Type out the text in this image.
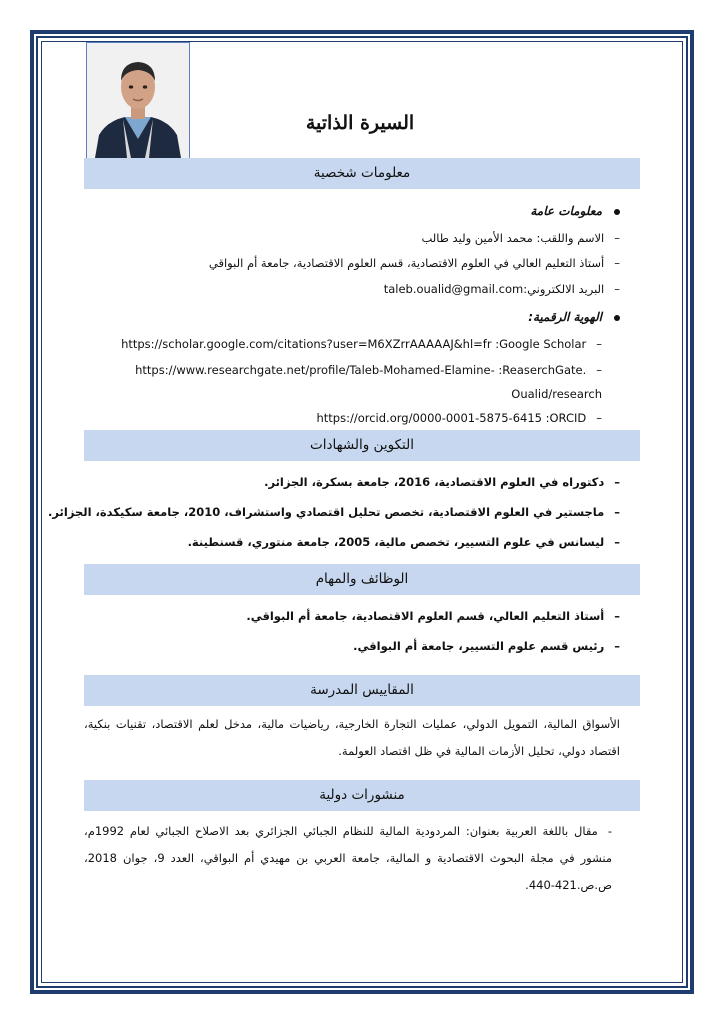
السيرة الذاتية
معلومات شخصية
معلومات عامة
–الاسم واللقب: محمد الأمين وليد طالب
–أستاذ التعليم العالي في العلوم الاقتصادية، قسم العلوم الاقتصادية، جامعة أم البواقي
–البريد الالكتروني:taleb.oualid@gmail.com
الهوية الرقمية:
–https://scholar.google.com/citations?user=M6XZrrAAAAAJ&hl=fr :Google Scholar
–https://www.researchgate.net/profile/Taleb-Mohamed-Elamine- :ReaserchGate.
Oualid/research
–https://orcid.org/0000-0001-5875-6415 :ORCID
التكوين والشهادات
–دكتوراه في العلوم الاقتصادية، 2016، جامعة بسكرة، الجزائر.
–ماجستير في العلوم الاقتصادية، تخصص تحليل اقتصادي واستشراف، 2010، جامعة سكيكدة، الجزائر.
–ليسانس في علوم التسيير، تخصص مالية، 2005، جامعة منتوري، قسنطينة.
الوظائف والمهام
–أستاذ التعليم العالي، قسم العلوم الاقتصادية، جامعة أم البواقي.
–رئيس قسم علوم التسيير، جامعة أم البواقي.
المقاييس المدرسة
الأسواق المالية، التمويل الدولي، عمليات التجارة الخارجية، رياضيات مالية، مدخل لعلم الاقتصاد، تقنيات بنكية، اقتصاد دولي، تحليل الأزمات المالية في ظل اقتصاد العولمة.
منشورات دولية
-مقال باللغة العربية بعنوان: المردودية المالية للنظام الجبائي الجزائري بعد الاصلاح الجبائي لعام 1992م، منشور في مجلة البحوث الاقتصادية و المالية، جامعة العربي بن مهيدي أم البواقي، العدد 9، جوان 2018، ص.ص.421-440.
